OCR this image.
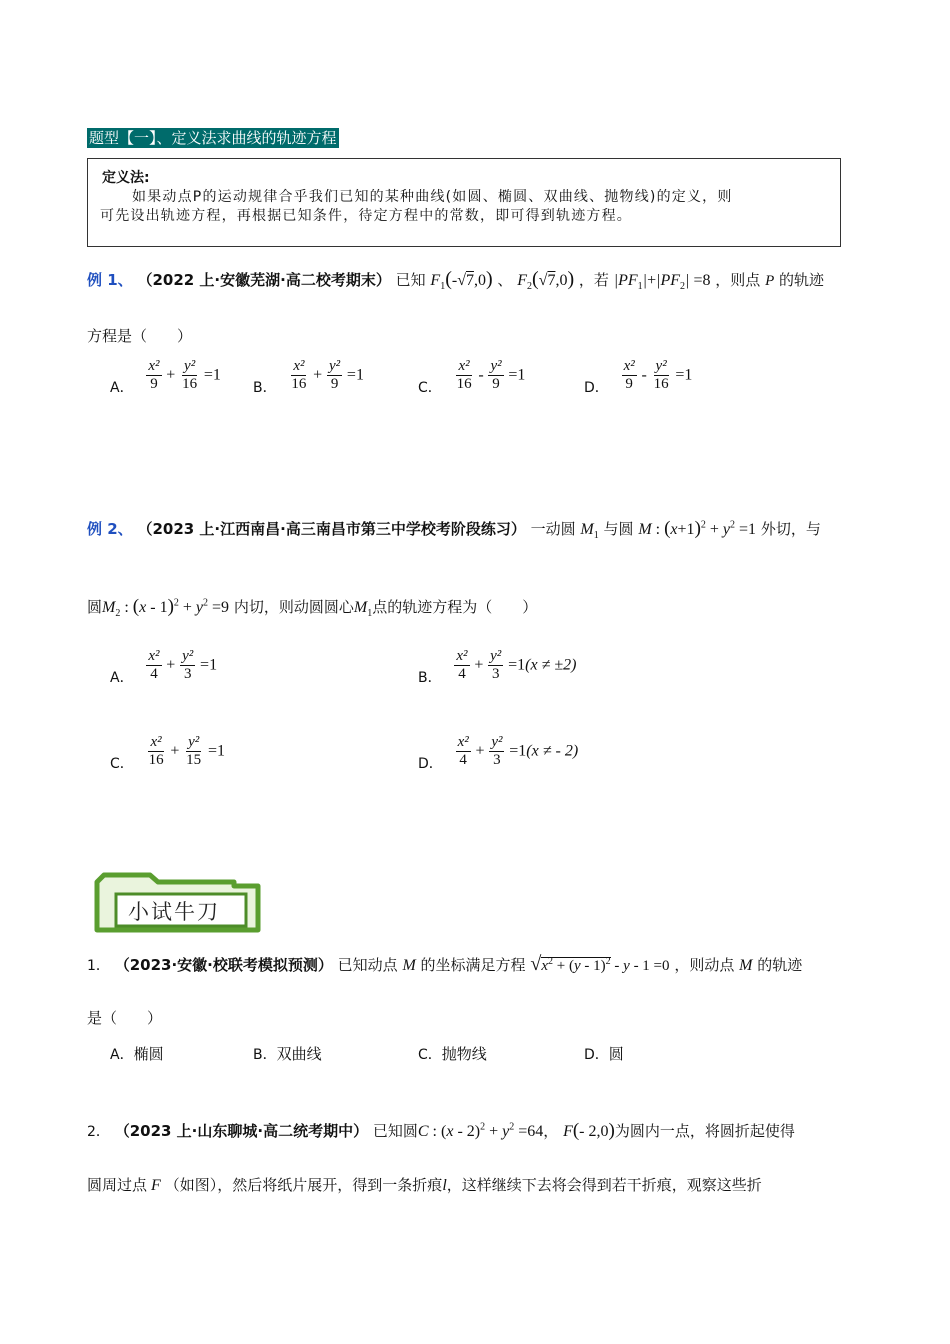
题型【一】、定义法求曲线的轨迹方程
定义法:
如果动点P的运动规律合乎我们已知的某种曲线(如圆、椭圆、双曲线、抛物线)的定义，则
可先设出轨迹方程，再根据已知条件，待定方程中的常数，即可得到轨迹方程。
例 1、 （2022 上·安徽芜湖·高二校考期末） 已知 $F_1(-√7,0)$ 、 $F_2(√7,0)$ ，若 $|PF_1|+|PF_2| =8$ ，则点 P 的轨迹
方程是（　　）
A． $\frac{\text{x²}}{9} + \frac{\text{y²}}{16} =1$
B． $\frac{\text{x²}}{16} + \frac{\text{y²}}{9} =1$
C． $\frac{\text{x²}}{16} - \frac{\text{y²}}{9} =1$
D． $\frac{\text{x²}}{9} - \frac{\text{y²}}{16} =1$
例 2、 （2023 上·江西南昌·高三南昌市第三中学校考阶段练习） 一动圆 $M_1$ 与圆 M : $(x+1)^2 + y^2 =1$ 外切，与
圆$M_2$ : $(x - 1)^2 + y^2 =9$ 内切，则动圆圆心$M_1$点的轨迹方程为（　　）
A． $\frac{\text{x²}}{4} + \frac{\text{y²}}{3} =1$
B． $\frac{\text{x²}}{4} + \frac{\text{y²}}{3} =1(x \ne \pm 2)$
C． $\frac{\text{x²}}{16} + \frac{\text{y²}}{15} =1$
D． $\frac{\text{x²}}{4} + \frac{\text{y²}}{3} =1(x$ ≠ - 2)
小试牛刀
1． （2023·安徽·校联考模拟预测） 已知动点 M 的坐标满足方程 $√x^2 + (y - 1)^2 - y - 1 =0$ ，则动点 M 的轨迹
是（　　）
A．椭圆	B．双曲线	C．抛物线	D．圆
2． （2023 上·山东聊城·高二统考期中） 已知圆C : $(x - 2)^2 + y^2 =64$， F(- 2,0)为圆内一点，将圆折起使得
圆周过点 F （如图），然后将纸片展开，得到一条折痕l，这样继续下去将会得到若干折痕，观察这些折
